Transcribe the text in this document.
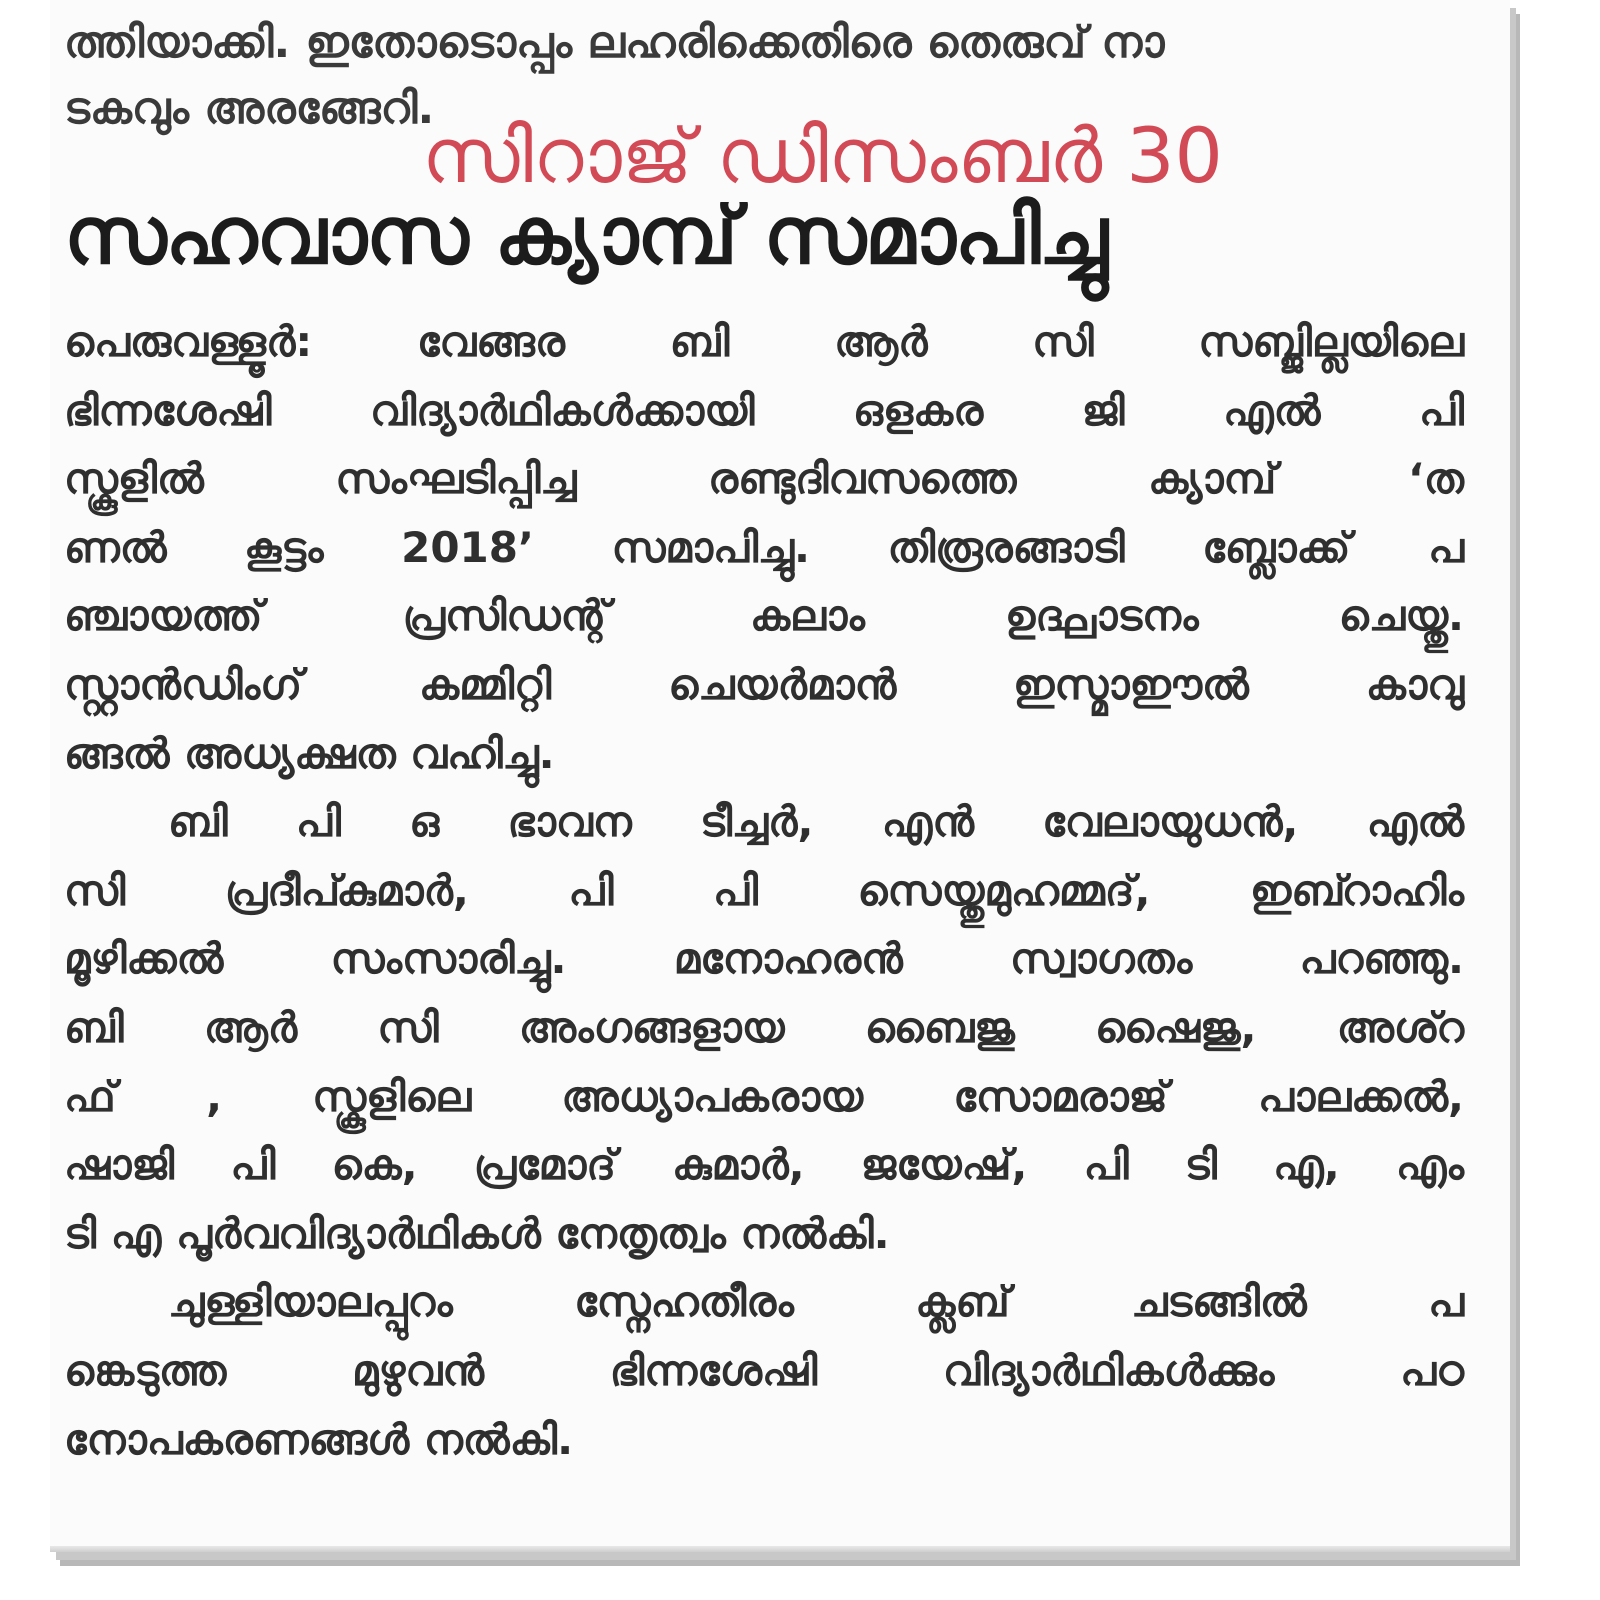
ത്തിയാക്കി. ഇതോടൊപ്പം ലഹരിക്കെതിരെ തെരുവ് നാ
ടകവും അരങ്ങേറി.
സിറാജ് ഡിസംബർ 30
സഹവാസ ക്യാമ്പ് സമാപിച്ചു
പെരുവള്ളൂർ: വേങ്ങര ബി ആർ സി സബ്ജില്ലയിലെ
ഭിന്നശേഷി വിദ്യാർഥികൾക്കായി ഒളകര ജി എൽ പി
സ്കൂളിൽ സംഘടിപ്പിച്ച രണ്ടുദിവസത്തെ ക്യാമ്പ് ‘ത
ണൽ കൂട്ടം 2018’ സമാപിച്ചു. തിരൂരങ്ങാടി ബ്ലോക്ക് പ
ഞ്ചായത്ത് പ്രസിഡന്റ് കലാം ഉദ്ഘാടനം ചെയ്തു.
സ്റ്റാൻഡിംഗ് കമ്മിറ്റി ചെയർമാൻ ഇസ്മാഈൽ കാവു
ങ്ങൽ അധ്യക്ഷത വഹിച്ചു.
ബി പി ഒ ഭാവന ടീച്ചർ, എൻ വേലായുധൻ, എൽ
സി പ്രദീപ്കുമാർ, പി പി സെയ്തുമുഹമ്മദ്, ഇബ്റാഹിം
മൂഴിക്കൽ സംസാരിച്ചു. മനോഹരൻ സ്വാഗതം പറഞ്ഞു.
ബി ആർ സി അംഗങ്ങളായ ബൈജു ഷൈജു, അശ്റ
ഫ് , സ്കൂളിലെ അധ്യാപകരായ സോമരാജ് പാലക്കൽ,
ഷാജി പി കെ, പ്രമോദ് കുമാർ, ജയേഷ്, പി ടി എ, എം
ടി എ പൂർവവിദ്യാർഥികൾ നേതൃത്വം നൽകി.
ചുള്ളിയാലപ്പുറം സ്നേഹതീരം ക്ലബ് ചടങ്ങിൽ പ
ങ്കെടുത്ത മുഴുവൻ ഭിന്നശേഷി വിദ്യാർഥികൾക്കും പഠ
നോപകരണങ്ങൾ നൽകി.
